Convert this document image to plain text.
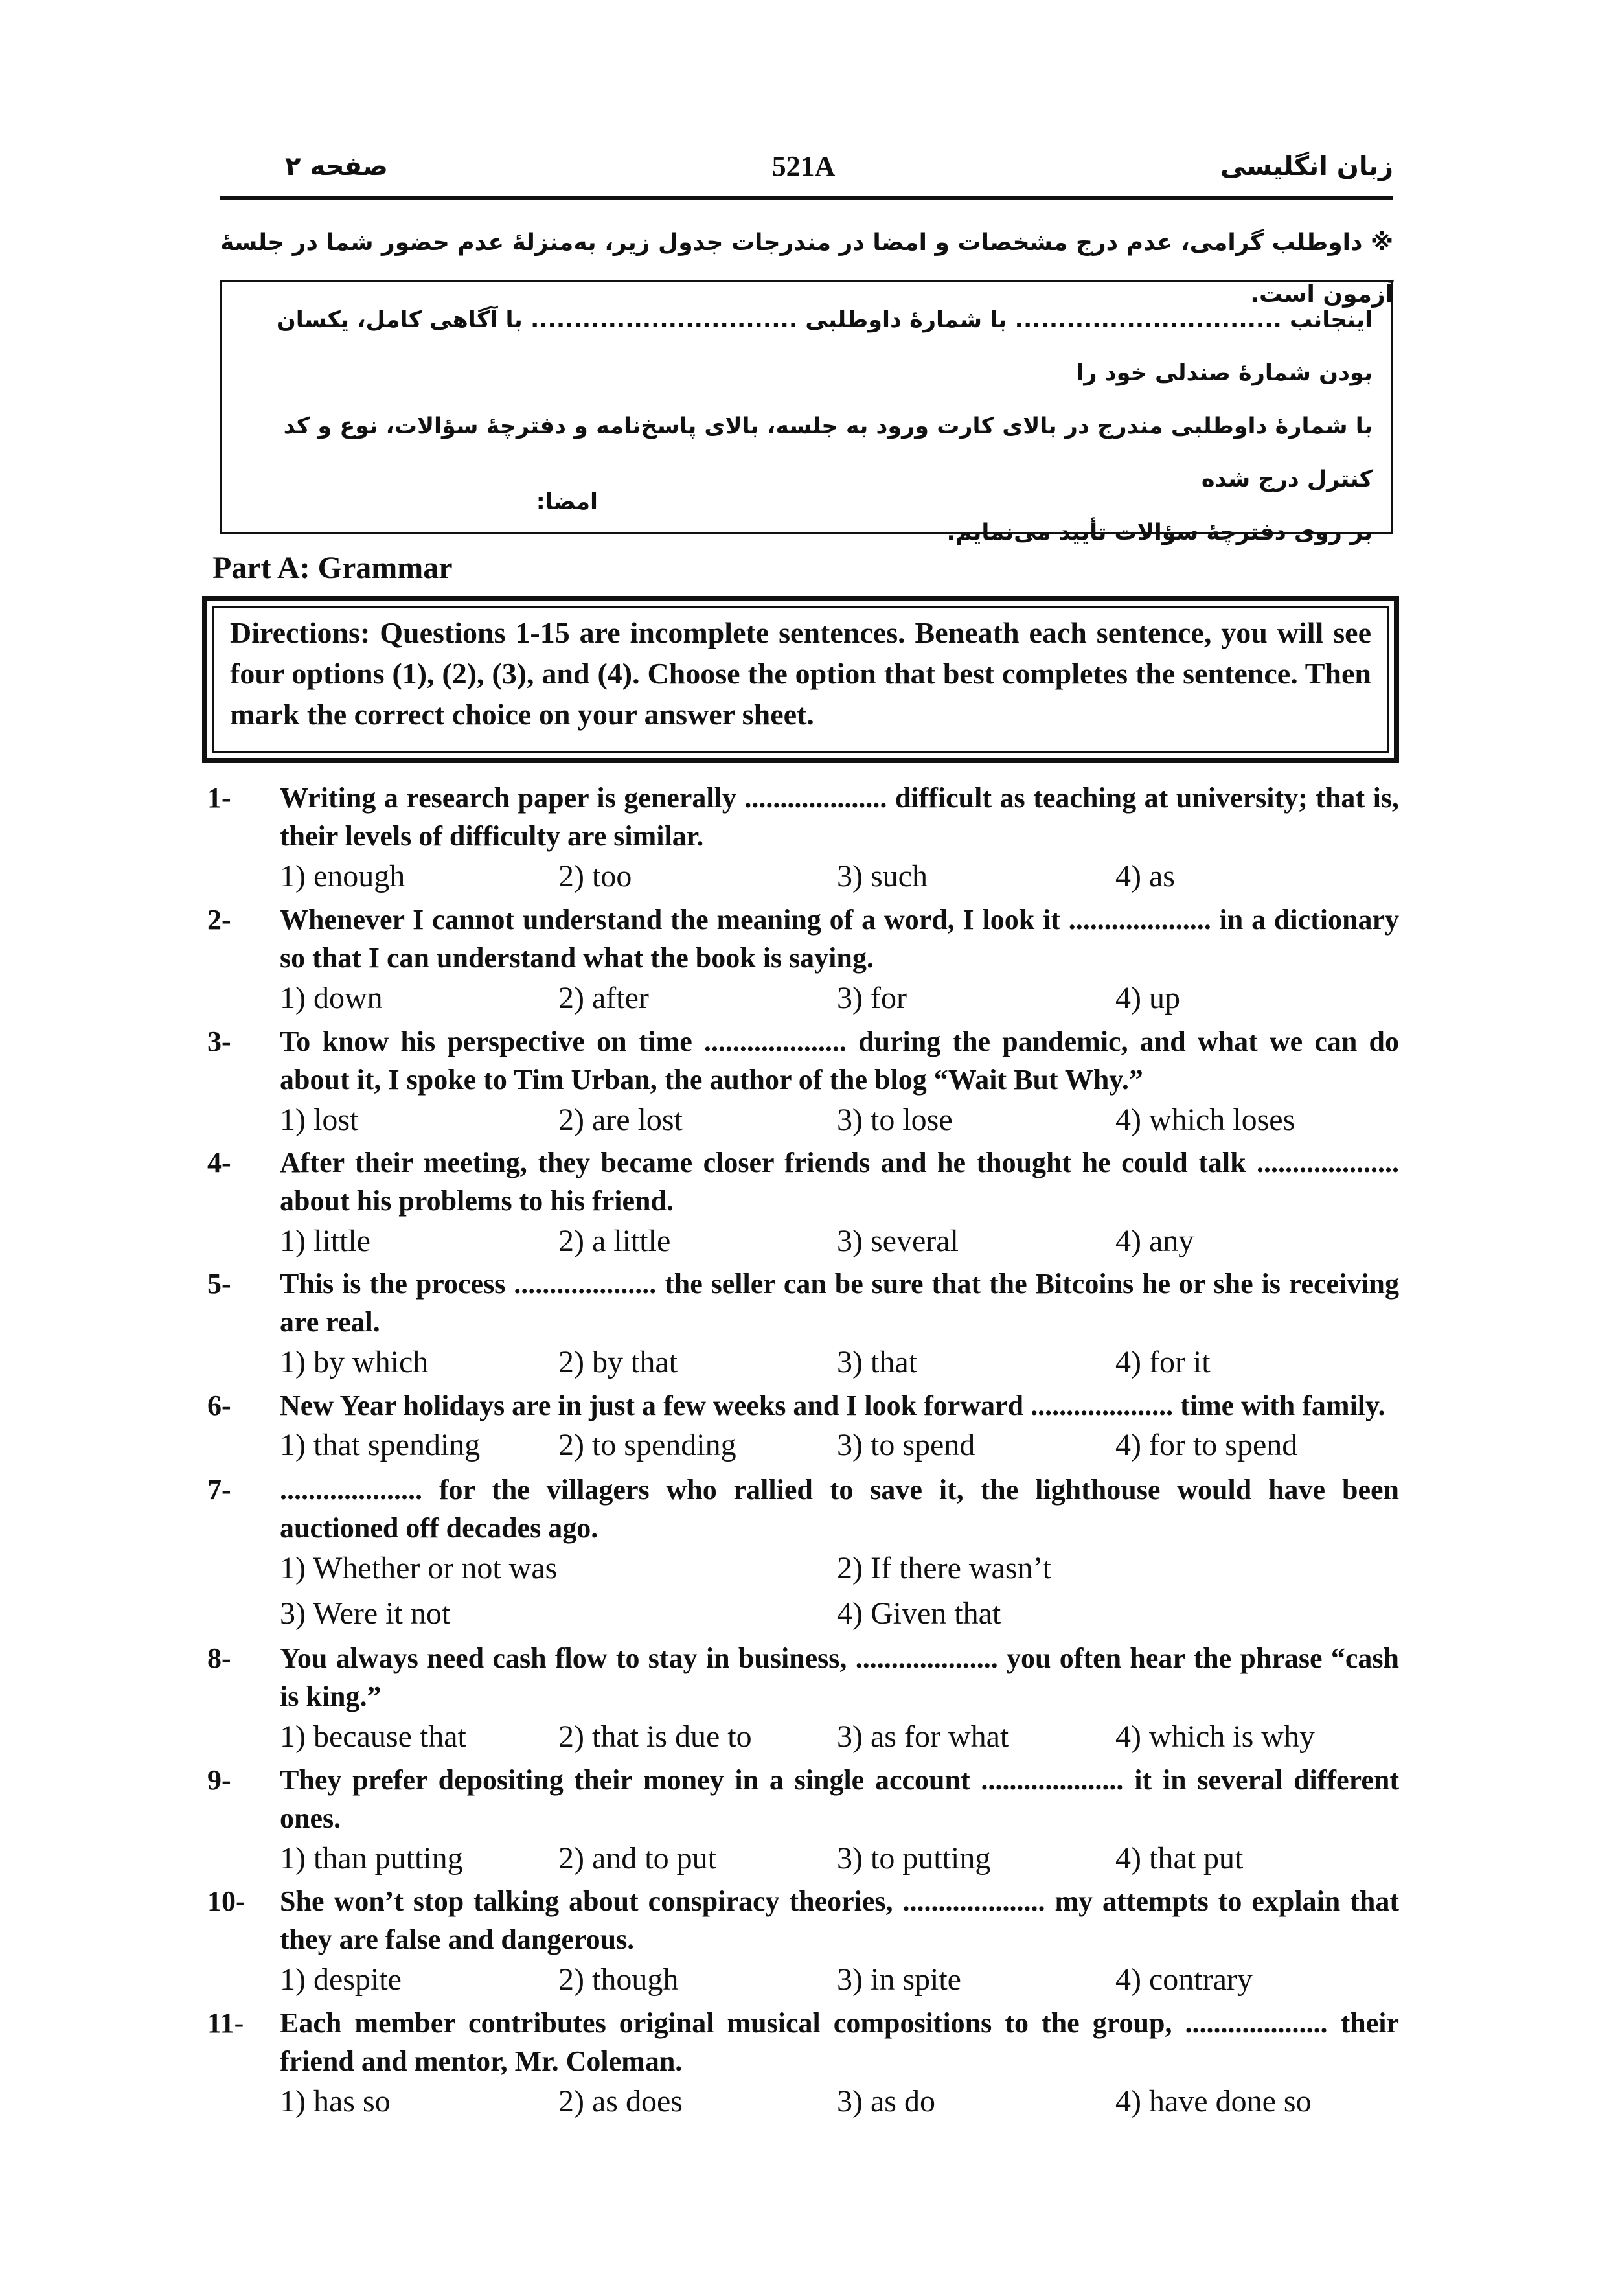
521A	زبان انگلیسی
صفحه ۲
※ داوطلب گرامی، عدم درج مشخصات و امضا در مندرجات جدول زیر، به‌منزلهٔ عدم حضور شما در جلسهٔ آزمون است.
اینجانب ............................... با شمارهٔ داوطلبی ............................... با آگاهی کامل، یکسان بودن شمارهٔ صندلی خود را
با شمارهٔ داوطلبی مندرج در بالای کارت ورود به جلسه، بالای پاسخ‌نامه و دفترچهٔ سؤالات، نوع و کد کنترل درج شده
بر روی دفترچهٔ سؤالات تأیید می‌نمایم.
امضا:
Part A: Grammar
Directions: Questions 1-15 are incomplete sentences. Beneath each sentence, you will see four options (1), (2), (3), and (4). Choose the option that best completes the sentence. Then mark the correct choice on your answer sheet.
1- Writing a research paper is generally .................... difficult as teaching at university; that is, their levels of difficulty are similar.
1) enough	2) too	3) such	4) as
2- Whenever I cannot understand the meaning of a word, I look it .................... in a dictionary so that I can understand what the book is saying.
1) down	2) after	3) for	4) up
3- To know his perspective on time .................... during the pandemic, and what we can do about it, I spoke to Tim Urban, the author of the blog “Wait But Why.”
1) lost	2) are lost	3) to lose	4) which loses
4- After their meeting, they became closer friends and he thought he could talk .................... about his problems to his friend.
1) little	2) a little	3) several	4) any
5- This is the process .................... the seller can be sure that the Bitcoins he or she is receiving are real.
1) by which	2) by that	3) that	4) for it
6- New Year holidays are in just a few weeks and I look forward .................... time with family.
1) that spending	2) to spending	3) to spend	4) for to spend
7- .................... for the villagers who rallied to save it, the lighthouse would have been auctioned off decades ago.
1) Whether or not was	2) If there wasn’t
3) Were it not	4) Given that
8- You always need cash flow to stay in business, .................... you often hear the phrase “cash is king.”
1) because that	2) that is due to	3) as for what	4) which is why
9- They prefer depositing their money in a single account .................... it in several different ones.
1) than putting	2) and to put	3) to putting	4) that put
10- She won’t stop talking about conspiracy theories, .................... my attempts to explain that they are false and dangerous.
1) despite	2) though	3) in spite	4) contrary
11- Each member contributes original musical compositions to the group, .................... their friend and mentor, Mr. Coleman.
1) has so	2) as does	3) as do	4) have done so
